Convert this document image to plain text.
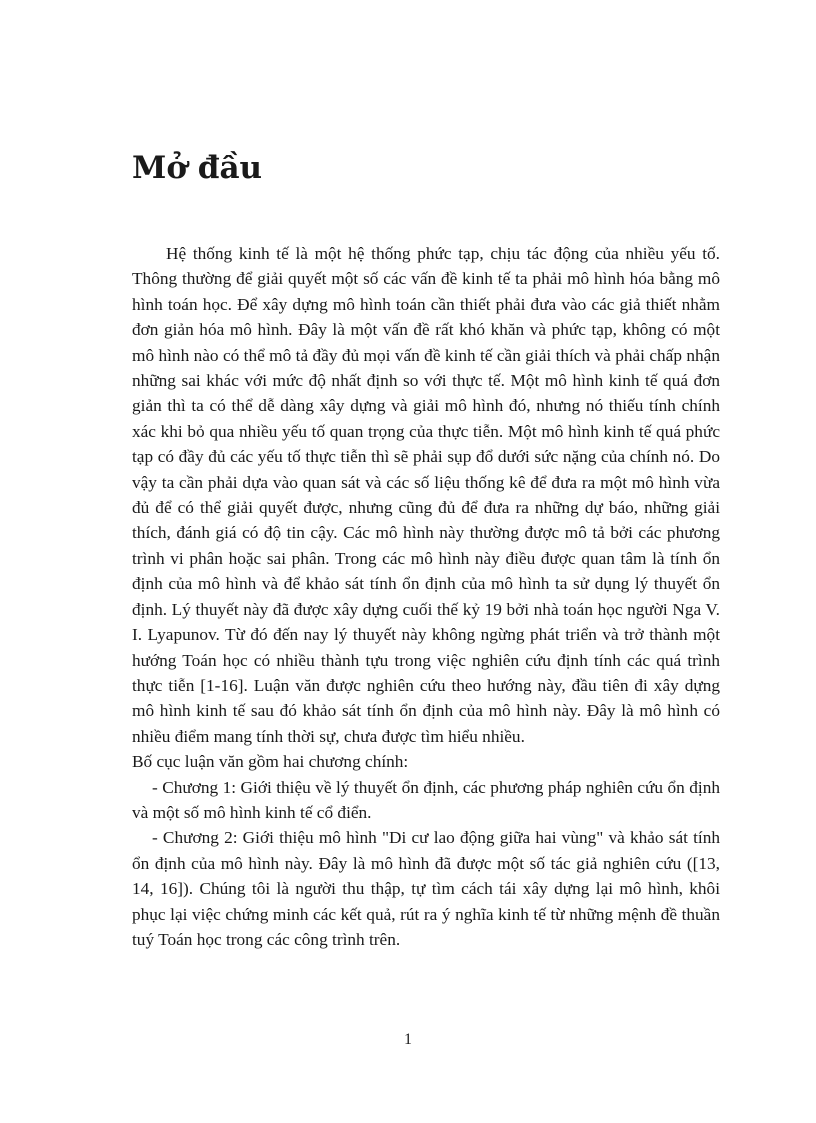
Mở đầu

Hệ thống kinh tế là một hệ thống phức tạp, chịu tác động của nhiều yếu tố. Thông thường để giải quyết một số các vấn đề kinh tế ta phải mô hình hóa bằng mô hình toán học. Để xây dựng mô hình toán cần thiết phải đưa vào các giả thiết nhằm đơn giản hóa mô hình. Đây là một vấn đề rất khó khăn và phức tạp, không có một mô hình nào có thể mô tả đầy đủ mọi vấn đề kinh tế cần giải thích và phải chấp nhận những sai khác với mức độ nhất định so với thực tế. Một mô hình kinh tế quá đơn giản thì ta có thể dễ dàng xây dựng và giải mô hình đó, nhưng nó thiếu tính chính xác khi bỏ qua nhiều yếu tố quan trọng của thực tiễn. Một mô hình kinh tế quá phức tạp có đầy đủ các yếu tố thực tiễn thì sẽ phải sụp đổ dưới sức nặng của chính nó. Do vậy ta cần phải dựa vào quan sát và các số liệu thống kê để đưa ra một mô hình vừa đủ để có thể giải quyết được, nhưng cũng đủ để đưa ra những dự báo, những giải thích, đánh giá có độ tin cậy. Các mô hình này thường được mô tả bởi các phương trình vi phân hoặc sai phân. Trong các mô hình này điều được quan tâm là tính ổn định của mô hình và để khảo sát tính ổn định của mô hình ta sử dụng lý thuyết ổn định. Lý thuyết này đã được xây dựng cuối thế kỷ 19 bởi nhà toán học người Nga V. I. Lyapunov. Từ đó đến nay lý thuyết này không ngừng phát triển và trở thành một hướng Toán học có nhiều thành tựu trong việc nghiên cứu định tính các quá trình thực tiễn [1-16]. Luận văn được nghiên cứu theo hướng này, đầu tiên đi xây dựng mô hình kinh tế sau đó khảo sát tính ổn định của mô hình này. Đây là mô hình có nhiều điểm mang tính thời sự, chưa được tìm hiểu nhiều.

Bố cục luận văn gồm hai chương chính:

- Chương 1: Giới thiệu về lý thuyết ổn định, các phương pháp nghiên cứu ổn định và một số mô hình kinh tế cổ điển.

- Chương 2: Giới thiệu mô hình "Di cư lao động giữa hai vùng" và khảo sát tính ổn định của mô hình này. Đây là mô hình đã được một số tác giả nghiên cứu ([13, 14, 16]). Chúng tôi là người thu thập, tự tìm cách tái xây dựng lại mô hình, khôi phục lại việc chứng minh các kết quả, rút ra ý nghĩa kinh tế từ những mệnh đề thuần tuý Toán học trong các công trình trên.

1
